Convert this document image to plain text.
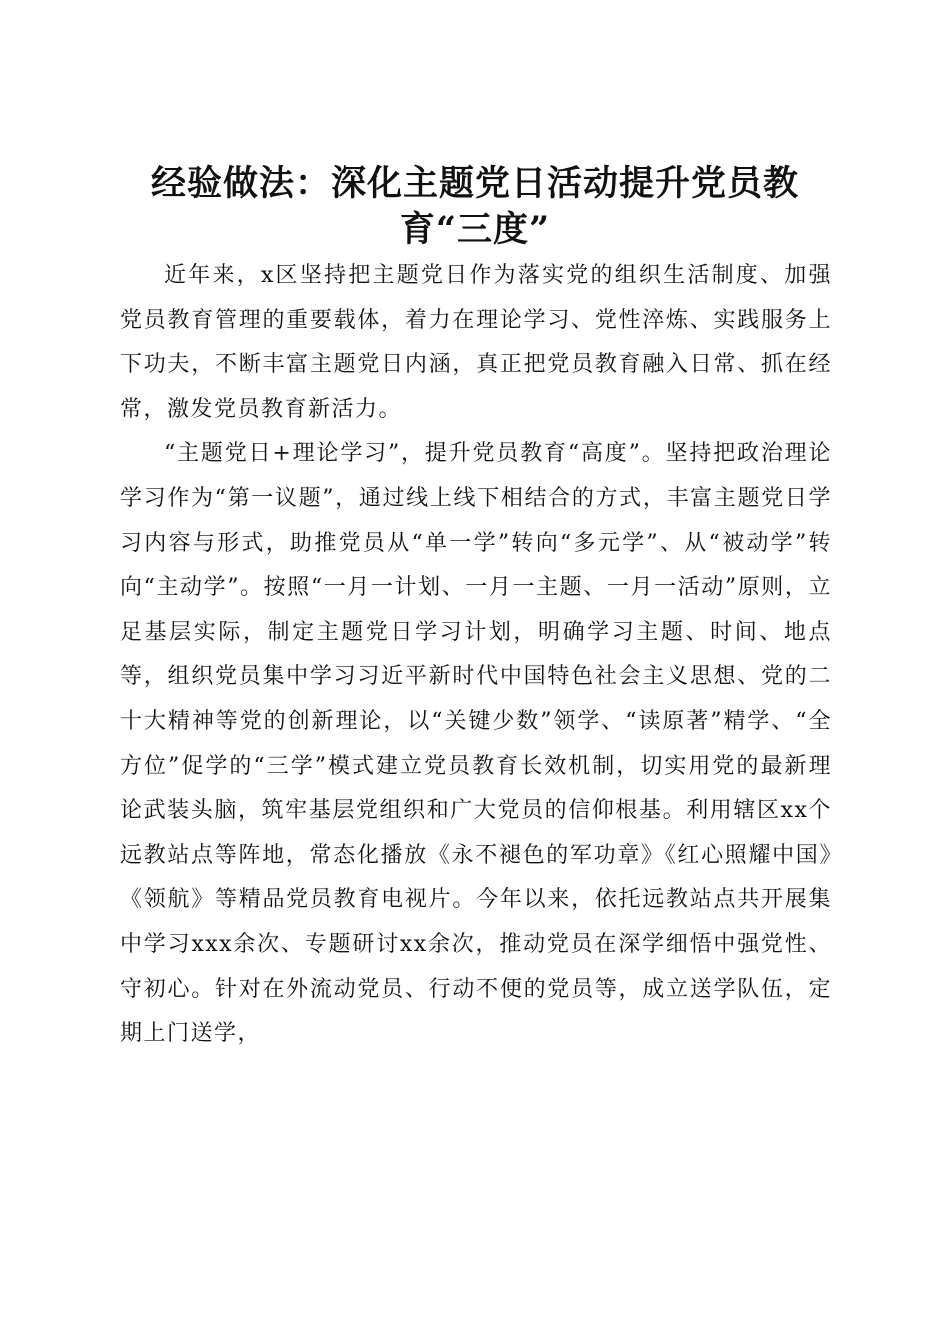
经验做法：深化主题党日活动提升党员教
育“三度”

近年来，x区坚持把主题党日作为落实党的组织生活制度、加强党员教育管理的重要载体，着力在理论学习、党性淬炼、实践服务上下功夫，不断丰富主题党日内涵，真正把党员教育融入日常、抓在经常，激发党员教育新活力。

“主题党日+理论学习”，提升党员教育“高度”。坚持把政治理论学习作为“第一议题”，通过线上线下相结合的方式，丰富主题党日学习内容与形式，助推党员从“单一学”转向“多元学”、从“被动学”转向“主动学”。按照“一月一计划、一月一主题、一月一活动”原则，立足基层实际，制定主题党日学习计划，明确学习主题、时间、地点等，组织党员集中学习习近平新时代中国特色社会主义思想、党的二十大精神等党的创新理论，以“关键少数”领学、“读原著”精学、“全方位”促学的“三学”模式建立党员教育长效机制，切实用党的最新理论武装头脑，筑牢基层党组织和广大党员的信仰根基。利用辖区xx个远教站点等阵地，常态化播放《永不褪色的军功章》《红心照耀中国》《领航》等精品党员教育电视片。今年以来，依托远教站点共开展集中学习xxx余次、专题研讨xx余次，推动党员在深学细悟中强党性、守初心。针对在外流动党员、行动不便的党员等，成立送学队伍，定期上门送学，
